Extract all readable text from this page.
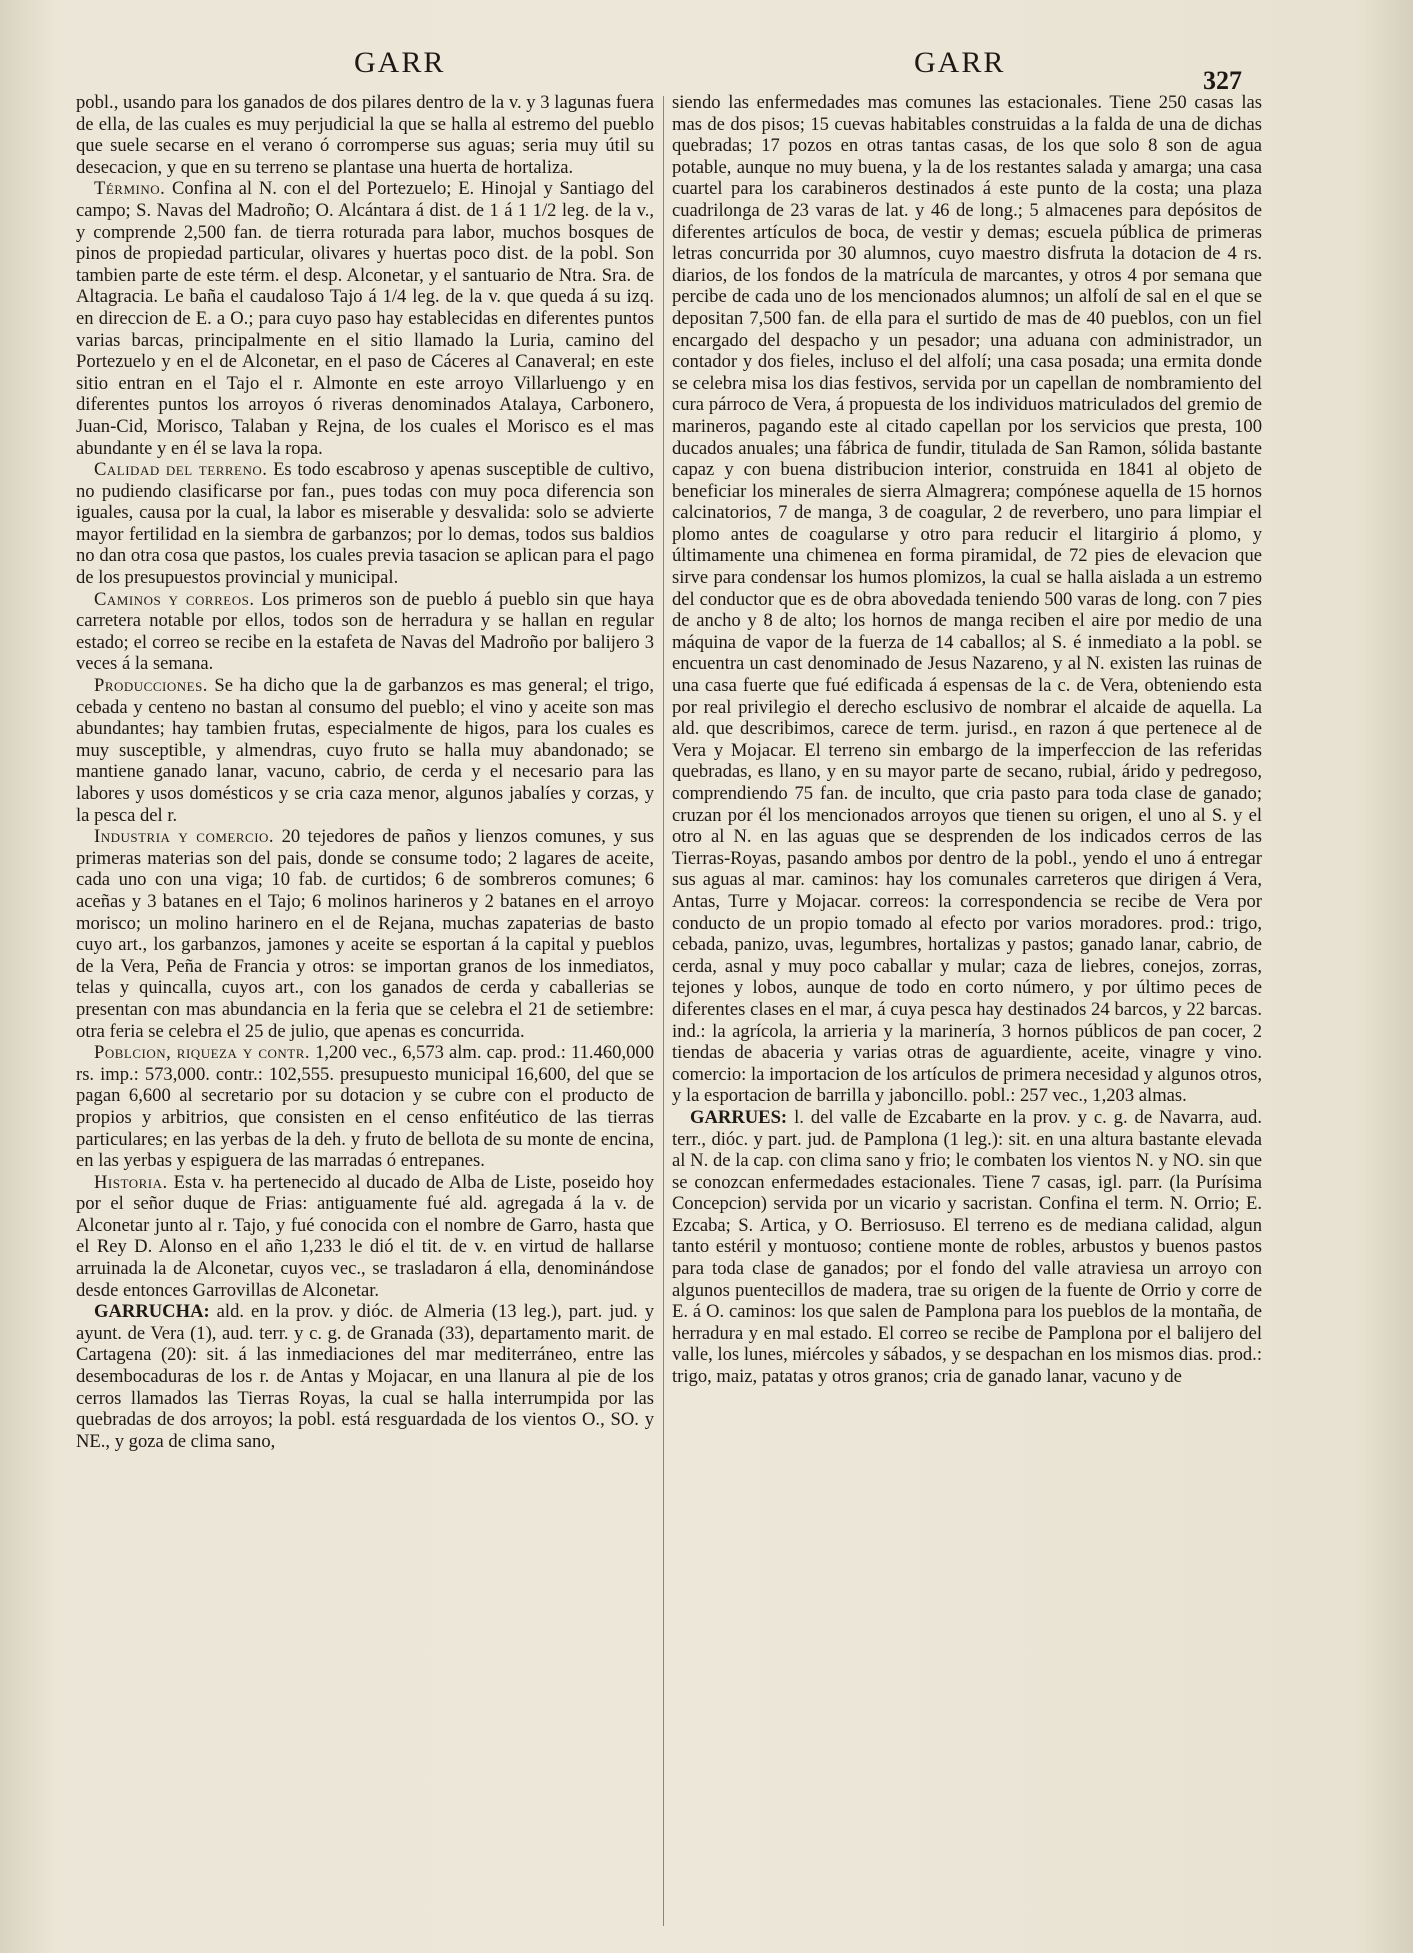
GARR	GARR
327

pobl., usando para los ganados de dos pilares dentro de la v. y 3 lagunas fuera de ella, de las cuales es muy perjudicial la que se halla al estremo del pueblo que suele secarse en el verano ó corromperse sus aguas; seria muy útil su desecacion, y que en su terreno se plantase una huerta de hortaliza.

Término. Confina al N. con el del Portezuelo; E. Hinojal y Santiago del campo; S. Navas del Madroño; O. Alcántara á dist. de 1 á 1 1/2 leg. de la v., y comprende 2,500 fan. de tierra roturada para labor, muchos bosques de pinos de propiedad particular, olivares y huertas poco dist. de la pobl. Son tambien parte de este térm. el desp. Alconetar, y el santuario de Ntra. Sra. de Altagracia. Le baña el caudaloso Tajo á 1/4 leg. de la v. que queda á su izq. en direccion de E. a O.; para cuyo paso hay establecidas en diferentes puntos varias barcas, principalmente en el sitio llamado la Luria, camino del Portezuelo y en el de Alconetar, en el paso de Cáceres al Canaveral; en este sitio entran en el Tajo el r. Almonte en este arroyo Villarluengo y en diferentes puntos los arroyos ó riveras denominados Atalaya, Carbonero, Juan-Cid, Morisco, Talaban y Rejna, de los cuales el Morisco es el mas abundante y en él se lava la ropa.

Calidad del terreno. Es todo escabroso y apenas susceptible de cultivo, no pudiendo clasificarse por fan., pues todas con muy poca diferencia son iguales, causa por la cual, la labor es miserable y desvalida: solo se advierte mayor fertilidad en la siembra de garbanzos; por lo demas, todos sus baldios no dan otra cosa que pastos, los cuales previa tasacion se aplican para el pago de los presupuestos provincial y municipal.

Caminos y correos. Los primeros son de pueblo á pueblo sin que haya carretera notable por ellos, todos son de herradura y se hallan en regular estado; el correo se recibe en la estafeta de Navas del Madroño por balijero 3 veces á la semana.

Producciones. Se ha dicho que la de garbanzos es mas general; el trigo, cebada y centeno no bastan al consumo del pueblo; el vino y aceite son mas abundantes; hay tambien frutas, especialmente de higos, para los cuales es muy susceptible, y almendras, cuyo fruto se halla muy abandonado; se mantiene ganado lanar, vacuno, cabrio, de cerda y el necesario para las labores y usos domésticos y se cria caza menor, algunos jabalíes y corzas, y la pesca del r.

Industria y comercio. 20 tejedores de paños y lienzos comunes, y sus primeras materias son del pais, donde se consume todo; 2 lagares de aceite, cada uno con una viga; 10 fab. de curtidos; 6 de sombreros comunes; 6 aceñas y 3 batanes en el Tajo; 6 molinos harineros y 2 batanes en el arroyo morisco; un molino harinero en el de Rejana, muchas zapaterias de basto cuyo art., los garbanzos, jamones y aceite se esportan á la capital y pueblos de la Vera, Peña de Francia y otros: se importan granos de los inmediatos, telas y quincalla, cuyos art., con los ganados de cerda y caballerias se presentan con mas abundancia en la feria que se celebra el 21 de setiembre: otra feria se celebra el 25 de julio, que apenas es concurrida.

Poblcion, riqueza y contr. 1,200 vec., 6,573 alm. cap. prod.: 11.460,000 rs. imp.: 573,000. contr.: 102,555. presupuesto municipal 16,600, del que se pagan 6,600 al secretario por su dotacion y se cubre con el producto de propios y arbitrios, que consisten en el censo enfitéutico de las tierras particulares; en las yerbas de la deh. y fruto de bellota de su monte de encina, en las yerbas y espiguera de las marradas ó entrepanes.

Historia. Esta v. ha pertenecido al ducado de Alba de Liste, poseido hoy por el señor duque de Frias: antiguamente fué ald. agregada á la v. de Alconetar junto al r. Tajo, y fué conocida con el nombre de Garro, hasta que el Rey D. Alonso en el año 1,233 le dió el tit. de v. en virtud de hallarse arruinada la de Alconetar, cuyos vec., se trasladaron á ella, denominándose desde entonces Garrovillas de Alconetar.

GARRUCHA: ald. en la prov. y dióc. de Almeria (13 leg.), part. jud. y ayunt. de Vera (1), aud. terr. y c. g. de Granada (33), departamento marit. de Cartagena (20): sit. á las inmediaciones del mar mediterráneo, entre las desembocaduras de los r. de Antas y Mojacar, en una llanura al pie de los cerros llamados las Tierras Royas, la cual se halla interrumpida por las quebradas de dos arroyos; la pobl. está resguardada de los vientos O., SO. y NE., y goza de clima sano,

siendo las enfermedades mas comunes las estacionales. Tiene 250 casas las mas de dos pisos; 15 cuevas habitables construidas a la falda de una de dichas quebradas; 17 pozos en otras tantas casas, de los que solo 8 son de agua potable, aunque no muy buena, y la de los restantes salada y amarga; una casa cuartel para los carabineros destinados á este punto de la costa; una plaza cuadrilonga de 23 varas de lat. y 46 de long.; 5 almacenes para depósitos de diferentes artículos de boca, de vestir y demas; escuela pública de primeras letras concurrida por 30 alumnos, cuyo maestro disfruta la dotacion de 4 rs. diarios, de los fondos de la matrícula de marcantes, y otros 4 por semana que percibe de cada uno de los mencionados alumnos; un alfolí de sal en el que se depositan 7,500 fan. de ella para el surtido de mas de 40 pueblos, con un fiel encargado del despacho y un pesador; una aduana con administrador, un contador y dos fieles, incluso el del alfolí; una casa posada; una ermita donde se celebra misa los dias festivos, servida por un capellan de nombramiento del cura párroco de Vera, á propuesta de los individuos matriculados del gremio de marineros, pagando este al citado capellan por los servicios que presta, 100 ducados anuales; una fábrica de fundir, titulada de San Ramon, sólida bastante capaz y con buena distribucion interior, construida en 1841 al objeto de beneficiar los minerales de sierra Almagrera; compónese aquella de 15 hornos calcinatorios, 7 de manga, 3 de coagular, 2 de reverbero, uno para limpiar el plomo antes de coagularse y otro para reducir el litargirio á plomo, y últimamente una chimenea en forma piramidal, de 72 pies de elevacion que sirve para condensar los humos plomizos, la cual se halla aislada a un estremo del conductor que es de obra abovedada teniendo 500 varas de long. con 7 pies de ancho y 8 de alto; los hornos de manga reciben el aire por medio de una máquina de vapor de la fuerza de 14 caballos; al S. é inmediato a la pobl. se encuentra un cast denominado de Jesus Nazareno, y al N. existen las ruinas de una casa fuerte que fué edificada á espensas de la c. de Vera, obteniendo esta por real privilegio el derecho esclusivo de nombrar el alcaide de aquella. La ald. que describimos, carece de term. jurisd., en razon á que pertenece al de Vera y Mojacar. El terreno sin embargo de la imperfeccion de las referidas quebradas, es llano, y en su mayor parte de secano, rubial, árido y pedregoso, comprendiendo 75 fan. de inculto, que cria pasto para toda clase de ganado; cruzan por él los mencionados arroyos que tienen su origen, el uno al S. y el otro al N. en las aguas que se desprenden de los indicados cerros de las Tierras-Royas, pasando ambos por dentro de la pobl., yendo el uno á entregar sus aguas al mar. caminos: hay los comunales carreteros que dirigen á Vera, Antas, Turre y Mojacar. correos: la correspondencia se recibe de Vera por conducto de un propio tomado al efecto por varios moradores. prod.: trigo, cebada, panizo, uvas, legumbres, hortalizas y pastos; ganado lanar, cabrio, de cerda, asnal y muy poco caballar y mular; caza de liebres, conejos, zorras, tejones y lobos, aunque de todo en corto número, y por último peces de diferentes clases en el mar, á cuya pesca hay destinados 24 barcos, y 22 barcas. ind.: la agrícola, la arrieria y la marinería, 3 hornos públicos de pan cocer, 2 tiendas de abaceria y varias otras de aguardiente, aceite, vinagre y vino. comercio: la importacion de los artículos de primera necesidad y algunos otros, y la esportacion de barrilla y jaboncillo. pobl.: 257 vec., 1,203 almas.

GARRUES: l. del valle de Ezcabarte en la prov. y c. g. de Navarra, aud. terr., dióc. y part. jud. de Pamplona (1 leg.): sit. en una altura bastante elevada al N. de la cap. con clima sano y frio; le combaten los vientos N. y NO. sin que se conozcan enfermedades estacionales. Tiene 7 casas, igl. parr. (la Purísima Concepcion) servida por un vicario y sacristan. Confina el term. N. Orrio; E. Ezcaba; S. Artica, y O. Berriosuso. El terreno es de mediana calidad, algun tanto estéril y montuoso; contiene monte de robles, arbustos y buenos pastos para toda clase de ganados; por el fondo del valle atraviesa un arroyo con algunos puentecillos de madera, trae su origen de la fuente de Orrio y corre de E. á O. caminos: los que salen de Pamplona para los pueblos de la montaña, de herradura y en mal estado. El correo se recibe de Pamplona por el balijero del valle, los lunes, miércoles y sábados, y se despachan en los mismos dias. prod.: trigo, maiz, patatas y otros granos; cria de ganado lanar, vacuno y de
